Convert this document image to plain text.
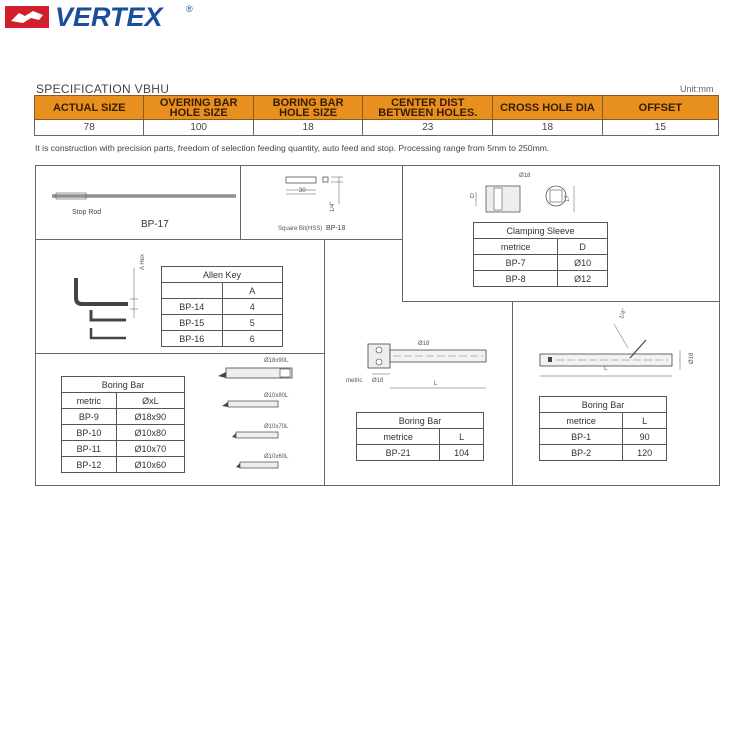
VERTEX	®
SPECIFICATION VBHU	Unit:mm
ACTUAL SIZE	OVERING BAR HOLE SIZE	BORING BAR HOLE SIZE	CENTER DIST BETWEEN HOLES.	CROSS HOLE DIA	OFFSET
78	100	18	23	18	15
It is construction with precision parts, freedom of selection feeding quantity, auto feed and stop. Processing range from 5mm to 250mm.
Stop Rod
BP-17
30
1/4"
Square Bit(HSS) BP-18
D
Ø18
17
Clamping Sleeve	
metrice	D
BP-7	Ø10
BP-8	Ø12
A Hex
Allen Key	
	A
BP-14	4
BP-15	5
BP-16	6
Boring Bar	
metric	ØxL
BP-9	Ø18x90
BP-10	Ø10x80
BP-11	Ø10x70
BP-12	Ø10x60
Ø18x90L
Ø10x80L
Ø10x70L
Ø10x60L
Ø18
metric Ø18	L
Boring Bar	
metrice	L
BP-21	104
1/4"
Ø18
L
Boring Bar	
metrice	L
BP-1	90
BP-2	120
